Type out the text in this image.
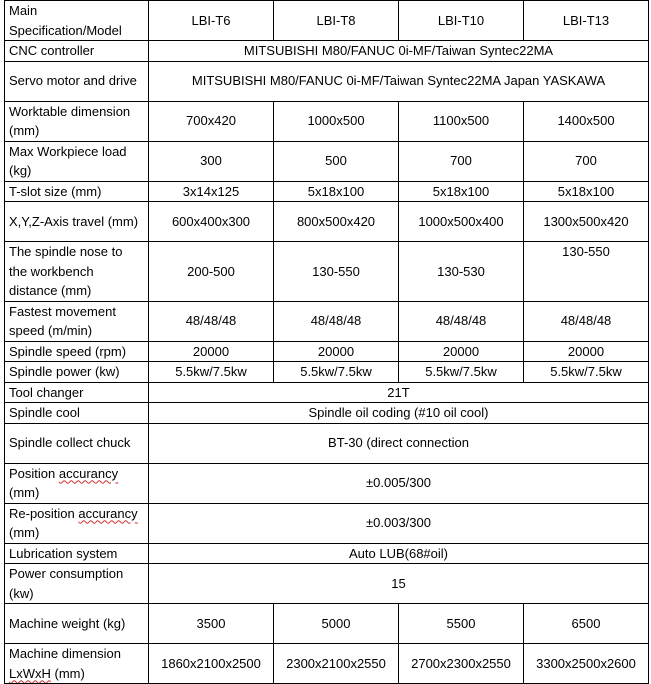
Main Specification/Model	LBI-T6	LBI-T8	LBI-T10	LBI-T13
CNC controller	MITSUBISHI M80/FANUC 0i-MF/Taiwan Syntec22MA			
Servo motor and drive	MITSUBISHI M80/FANUC 0i-MF/Taiwan Syntec22MA Japan YASKAWA			
Worktable dimension (mm)	700x420	1000x500	1100x500	1400x500
Max Workpiece load (kg)	300	500	700	700
T-slot size (mm)	3x14x125	5x18x100	5x18x100	5x18x100
X,Y,Z-Axis travel (mm)	600x400x300	800x500x420	1000x500x400	1300x500x420
The spindle nose to the workbench distance (mm)	200-500	130-550	130-530	130-550
Fastest movement speed (m/min)	48/48/48	48/48/48	48/48/48	48/48/48
Spindle speed (rpm)	20000	20000	20000	20000
Spindle power (kw)	5.5kw/7.5kw	5.5kw/7.5kw	5.5kw/7.5kw	5.5kw/7.5kw
Tool changer	21T			
Spindle cool	Spindle oil coding (#10 oil cool)			
Spindle collect chuck	BT-30 (direct connection			
Position accurancy (mm)	±0.005/300			
Re-position accurancy (mm)	±0.003/300			
Lubrication system	Auto LUB(68#oil)			
Power consumption (kw)	15			
Machine weight (kg)	3500	5000	5500	6500
Machine dimension LxWxH (mm)	1860x2100x2500	2300x2100x2550	2700x2300x2550	3300x2500x2600
